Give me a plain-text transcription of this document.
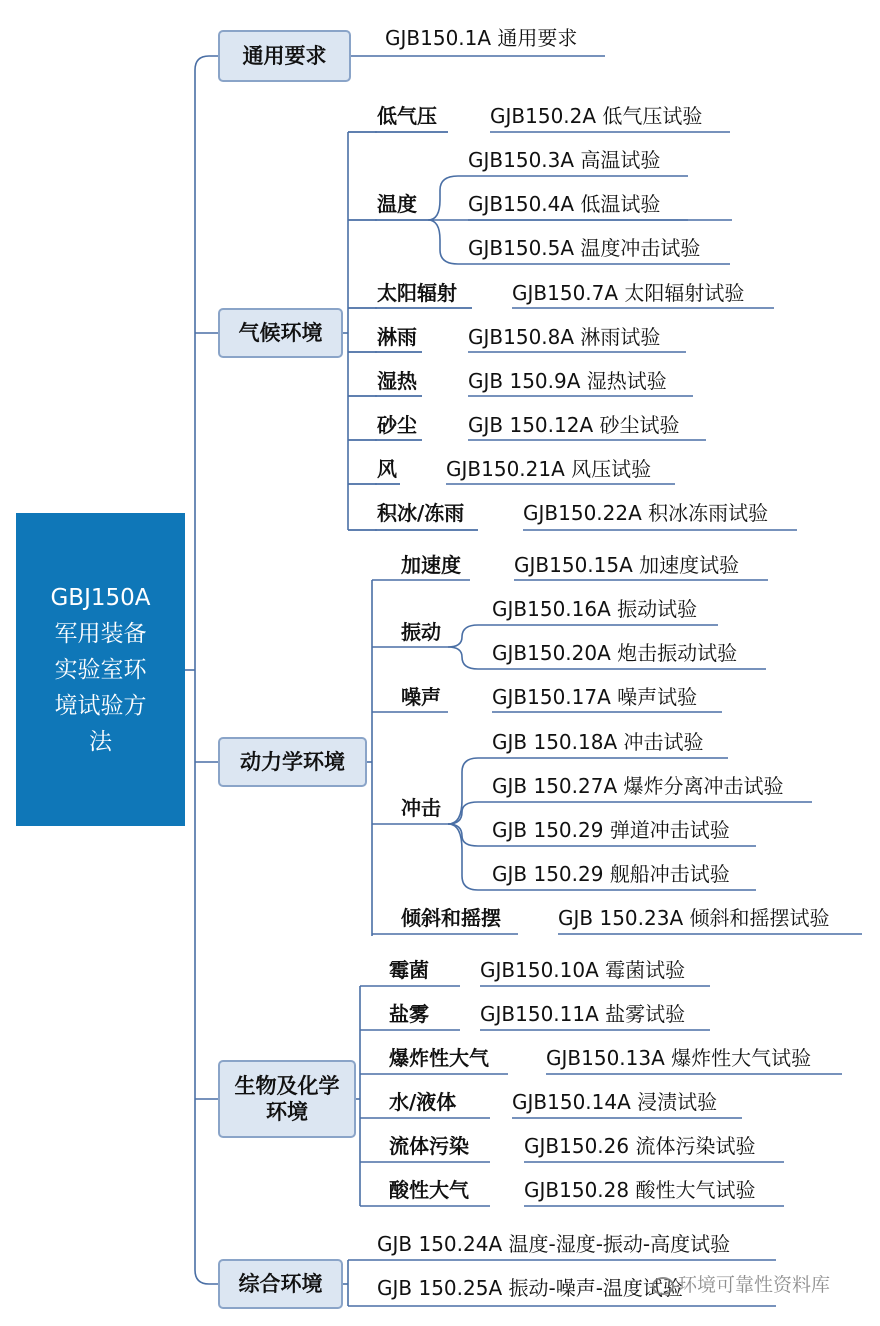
GBJ150A
军用装备
实验室环
境试验方
法
通用要求
气候环境
动力学环境
生物及化学环境
综合环境
GJB150.1A 通用要求
低气压	GJB150.2A 低气压试验
温度
GJB150.3A 高温试验
GJB150.4A 低温试验
GJB150.5A 温度冲击试验
太阳辐射	GJB150.7A 太阳辐射试验
淋雨	GJB150.8A 淋雨试验
湿热	GJB 150.9A 湿热试验
砂尘	GJB 150.12A 砂尘试验
风 GJB150.21A 风压试验
积冰/冻雨	GJB150.22A 积冰冻雨试验
加速度	GJB150.15A 加速度试验
振动
GJB150.16A 振动试验
GJB150.20A 炮击振动试验
噪声	GJB150.17A 噪声试验
冲击
GJB 150.18A 冲击试验
GJB 150.27A 爆炸分离冲击试验
GJB 150.29 弹道冲击试验
GJB 150.29 舰船冲击试验
倾斜和摇摆	GJB 150.23A 倾斜和摇摆试验
霉菌	GJB150.10A 霉菌试验
盐雾	GJB150.11A 盐雾试验
爆炸性大气	GJB150.13A 爆炸性大气试验
水/液体	GJB150.14A 浸渍试验
流体污染	GJB150.26 流体污染试验
酸性大气	GJB150.28 酸性大气试验
GJB 150.24A 温度-湿度-振动-高度试验
GJB 150.25A 振动-噪声-温度试验
环境可靠性资料库
